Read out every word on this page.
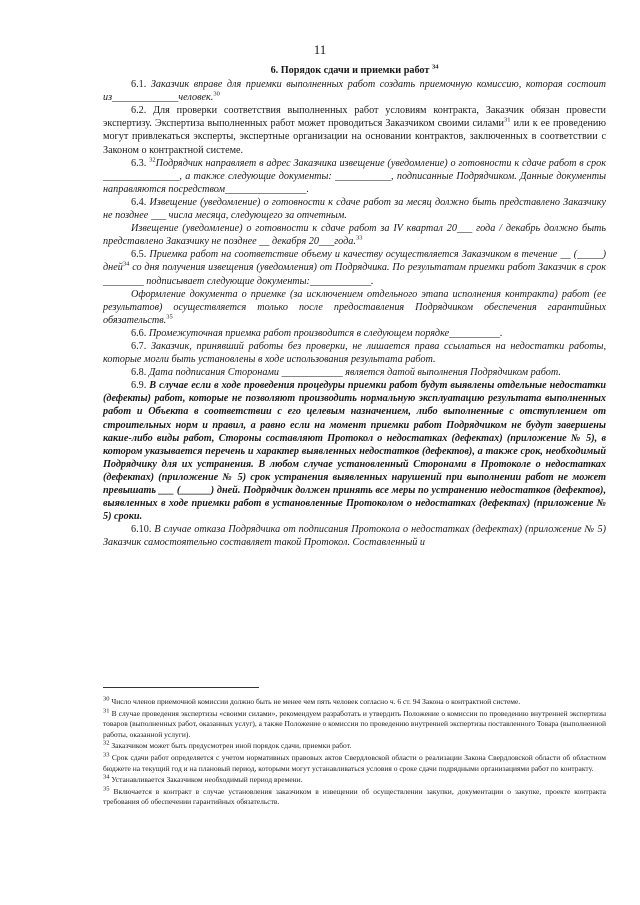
11
6. Порядок сдачи и приемки работ $^{34}$

6.1. Заказчик вправе для приемки выполненных работ создать приемочную комиссию, которая состоит из_____________человек.$^{30}$

6.2. Для проверки соответствия выполненных работ условиям контракта, Заказчик обязан провести экспертизу. Экспертиза выполненных работ может проводиться Заказчиком своими силами$^{31}$ или к ее проведению могут привлекаться эксперты, экспертные организации на основании контрактов, заключенных в соответствии с Законом о контрактной системе.

6.3. $^{32}$Подрядчик направляет в адрес Заказчика извещение (уведомление) о готовности к сдаче работ в срок _______________, а также следующие документы: ___________, подписанные Подрядчиком. Данные документы направляются посредством________________.

6.4. Извещение (уведомление) о готовности к сдаче работ за месяц должно быть представлено Заказчику не позднее ___ числа месяца, следующего за отчетным.

Извещение (уведомление) о готовности к сдаче работ за IV квартал 20___ года / декабрь должно быть представлено Заказчику не позднее __ декабря 20___года.$^{33}$

6.5. Приемка работ на соответствие объему и качеству осуществляется Заказчиком в течение __ (_____) дней$^{34}$ со дня получения извещения (уведомления) от Подрядчика. По результатам приемки работ Заказчик в срок ________ подписывает следующие документы:____________.

Оформление документа о приемке (за исключением отдельного этапа исполнения контракта) работ (ее результатов) осуществляется только после предоставления Подрядчиком обеспечения гарантийных обязательств.$^{35}$

6.6. Промежуточная приемка работ производится в следующем порядке__________.

6.7. Заказчик, принявший работы без проверки, не лишается права ссылаться на недостатки работы, которые могли быть установлены в ходе использования результата работ.

6.8. Дата подписания Сторонами ____________ является датой выполнения Подрядчиком работ.

6.9. В случае если в ходе проведения процедуры приемки работ будут выявлены отдельные недостатки (дефекты) работ, которые не позволяют производить нормальную эксплуатацию результата выполненных работ и Объекта в соответствии с его целевым назначением, либо выполненные с отступлением от строительных норм и правил, а равно если на момент приемки работ Подрядчиком не будут завершены какие-либо виды работ, Стороны составляют Протокол о недостатках (дефектах) (приложение № 5), в котором указывается перечень и характер выявленных недостатков (дефектов), а также срок, необходимый Подрядчику для их устранения. В любом случае установленный Сторонами в Протоколе о недостатках (дефектах) (приложение № 5) срок устранения выявленных нарушений при выполнении работ не может превышать ___ (______) дней. Подрядчик должен принять все меры по устранению недостатков (дефектов), выявленных в ходе приемки работ в установленные Протоколом о недостатках (дефектах) (приложение № 5) сроки.

6.10. В случае отказа Подрядчика от подписания Протокола о недостатках (дефектах) (приложение № 5) Заказчик самостоятельно составляет такой Протокол. Составленный и

$^{30}$ Число членов приемочной комиссии должно быть не менее чем пять человек согласно ч. 6 ст. 94 Закона о контрактной системе.

$^{31}$ В случае проведения экспертизы «своими силами», рекомендуем разработать и утвердить Положение о комиссии по проведению внутренней экспертизы товаров (выполненных работ, оказанных услуг), а также Положение о комиссии по проведению внутренней экспертизы поставленного Товара (выполненной работы, оказанной услуги).

$^{32}$ Заказчиком может быть предусмотрен иной порядок сдачи, приемки работ.

$^{33}$ Срок сдачи работ определяется с учетом нормативных правовых актов Свердловской области о реализации Закона Свердловской области об областном бюджете на текущий год и на плановый период, которыми могут устанавливаться условия о сроке сдачи подрядными организациями работ по контракту.

$^{34}$ Устанавливается Заказчиком необходимый период времени.

$^{35}$ Включается в контракт в случае установления заказчиком в извещении об осуществлении закупки, документации о закупке, проекте контракта требования об обеспечении гарантийных обязательств.
